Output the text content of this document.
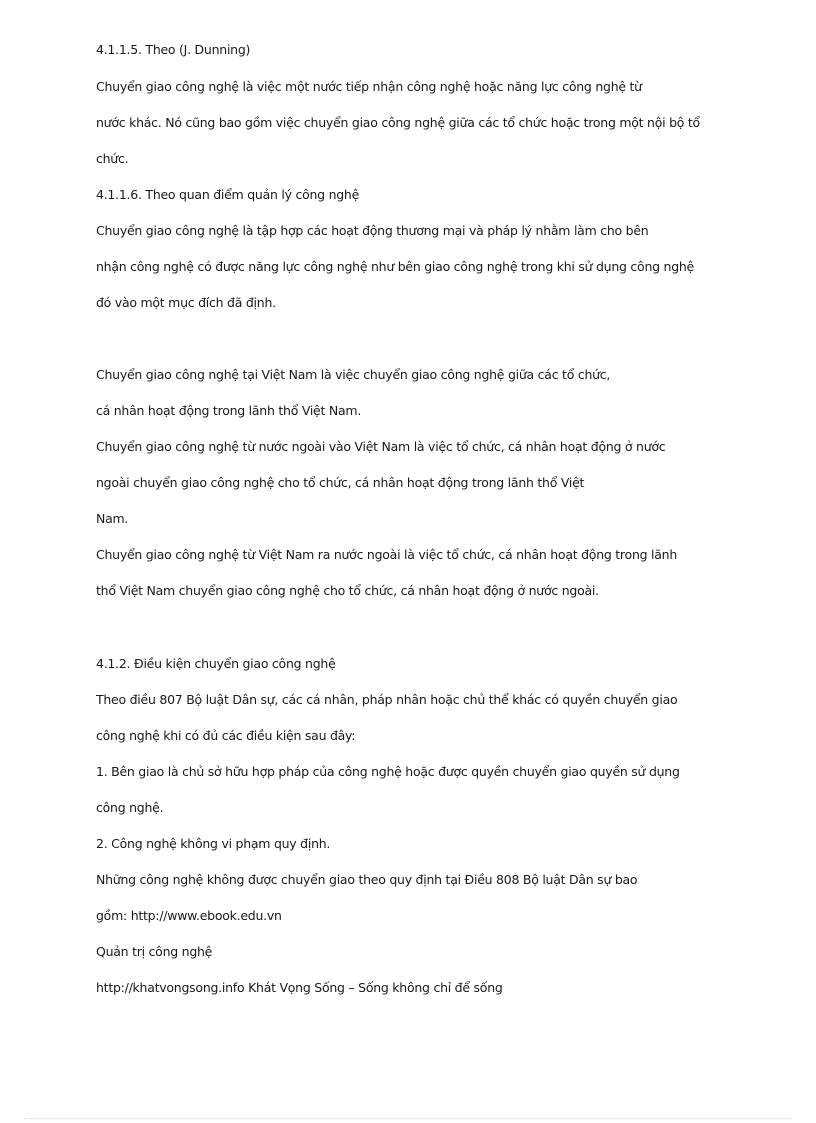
4.1.1.5. Theo (J. Dunning)
Chuyển giao công nghệ là việc một nước tiếp nhận công nghệ hoặc năng lực công nghệ từ
nước khác. Nó cũng bao gồm việc chuyển giao công nghệ giữa các tổ chức hoặc trong một nội bộ tổ
chức.
4.1.1.6. Theo quan điểm quản lý công nghệ
Chuyển giao công nghệ là tập hợp các hoạt động thương mại và pháp lý nhằm làm cho bên
nhận công nghệ có được năng lực công nghệ như bên giao công nghệ trong khi sử dụng công nghệ
đó vào một mục đích đã định.
Chuyển giao công nghệ tại Việt Nam là việc chuyển giao công nghệ giữa các tổ chức,
cá nhân hoạt động trong lãnh thổ Việt Nam.
Chuyển giao công nghệ từ nước ngoài vào Việt Nam là việc tổ chức, cá nhân hoạt động ở nước
ngoài chuyển giao công nghệ cho tổ chức, cá nhân hoạt động trong lãnh thổ Việt
Nam.
Chuyển giao công nghệ từ Việt Nam ra nước ngoài là việc tổ chức, cá nhân hoạt động trong lãnh
thổ Việt Nam chuyển giao công nghệ cho tổ chức, cá nhân hoạt động ở nước ngoài.
4.1.2. Điều kiện chuyển giao công nghệ
Theo điều 807 Bộ luật Dân sự, các cá nhân, pháp nhân hoặc chủ thể khác có quyền chuyển giao
công nghệ khi có đủ các điều kiện sau đây:
1. Bên giao là chủ sở hữu hợp pháp của công nghệ hoặc được quyền chuyển giao quyền sử dụng
công nghệ.
2. Công nghệ không vi phạm quy định.
Những công nghệ không được chuyển giao theo quy định tại Điều 808 Bộ luật Dân sự bao
gồm: http://www.ebook.edu.vn
Quản trị công nghệ
http://khatvongsong.info Khát Vọng Sống – Sống không chỉ để sống
